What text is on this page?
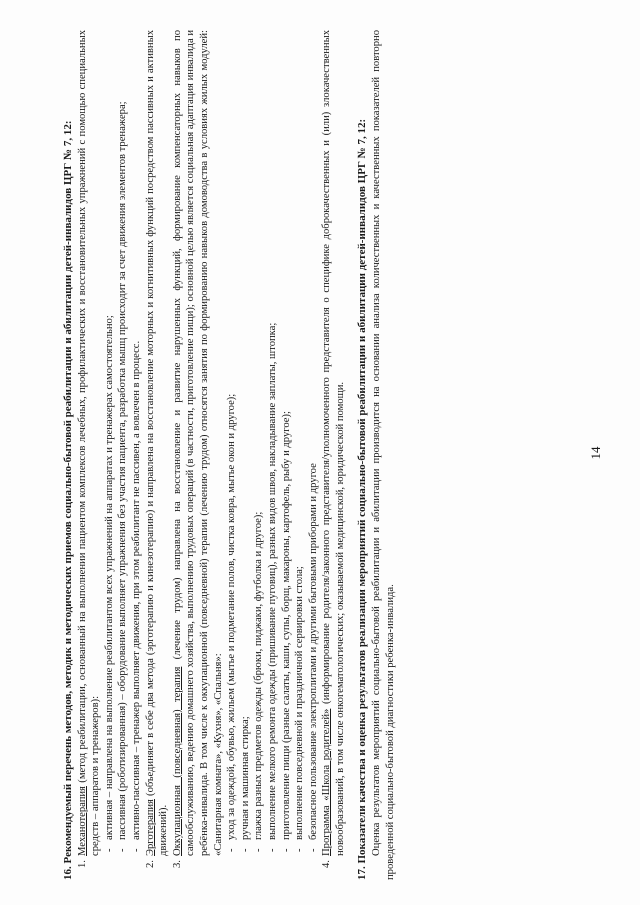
14
16. Рекомендуемый перечень методов, методик и методических приемов социально-бытовой реабилитации и абилитации детей-инвалидов ЦРГ № 7, 12: 1.
Механотерапия (метод реабилитации, основанный на выполнении пациентом комплексов лечебных, профилактических и восстановительных упражнений с помощью специальных средств – аппаратов и тренажеров): -
активная – направлена на выполнение реабилитантом всех упражнений на аппаратах и тренажерах самостоятельно;
-
пассивная (роботизированная) – оборудование выполняет упражнения без участия пациента, разработка мышц происходит за счет движения элементов тренажера;
-
активно-пассивная – тренажер выполняет движения, при этом реабилитант не пассивен, а вовлечен в процесс.
2.
Эрготерапия (объединяет в себе два метода (эрготерапию и кинезотерапию) и направлена на восстановление моторных и когнитивных функций посредством пассивных и активных движений).
3.
Оккупационная (повседневная) терапия (лечение трудом) направлена на восстановление и развитие нарушенных функций, формирование компенсаторных навыков по самообслуживанию, ведению домашнего хозяйства, выполнению трудовых операций (в частности, приготовление пищи); основной целью является социальная адаптация инвалида и ребёнка-инвалида. В том числе к оккупационной (повседневной) терапии (лечению трудом) относятся занятия по формированию навыков домоводства в условиях жилых модулей: «Санитарная комната», «Кухня», «Спальня»: -
уход за одеждой, обувью, жильем (мытье и подметание полов, чистка ковра, мытье окон и другое);
-
ручная и машинная стирка;
-
глажка разных предметов одежды (брюки, пиджаки, футболка и другое);
-
выполнение мелкого ремонта одежды (пришивание пуговиц), разных видов швов, накладывание заплаты, штопка;
-
приготовление пищи (разные салаты, каши, супы, борщ, макароны, картофель, рыбу и другое);
-
выполнение повседневной и праздничной сервировки стола;
-
безопасное пользование электроплитами и другими бытовыми приборами и другое
4.
Программа «Школа родителей» (информирование родителя/законного представителя/уполномоченного представителя о специфике доброкачественных и (или) злокачественных новообразований, в том числе онкогематологических; оказываемой медицинской, юридической помощи. 17. Показатели качества и оценка результатов реализации мероприятий социально-бытовой реабилитации и абилитации детей-инвалидов ЦРГ № 7, 12: Оценка результатов мероприятий социально-бытовой реабилитации и абилитации производится на основании анализа количественных и качественных показателей повторно проведенной социально-бытовой диагностики ребенка-инвалида.
